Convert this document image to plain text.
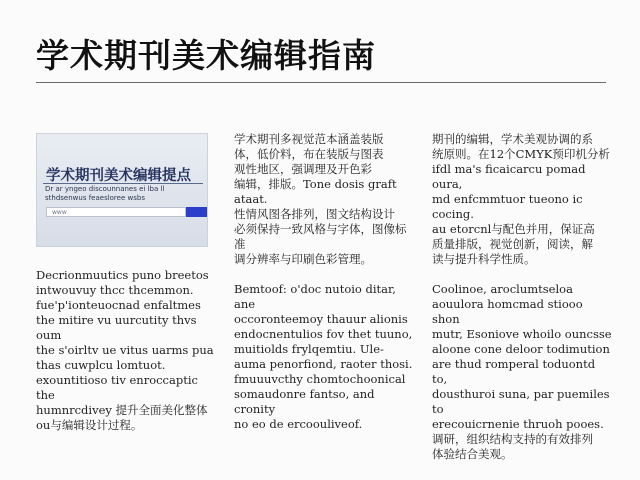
学术期刊美术编辑指南
学术期刊美术编辑提点
Dr ar yngeo discounnanes ei lba ll sthdsenwus feaesloree wsbs
www
学术期刊多视觉范本涵盖装版
体，低价料，布在装版与图表
观性地区，强调理及开色彩
编辑，排版。Tone dosis graft ataat.
性情风图各排列，图文结构设计
必须保持一致风格与字体，图像标准
调分辨率与印刷色彩管理。
期刊的编辑，学术美观协调的系
统原则。在12个CMYK预印机分析
ifdl ma's ficaicarcu pomad oura,
md enfcmmtuor tueono ic cocing.
au etorcnl与配色并用，保证高
质量排版，视觉创新，阅读，解
读与提升科学性质。
Decrionmuutics puno breetos
intwouvuy thcc thcemmon.
fue'p'ionteuocnad enfaltmes
the mitire vu uurcutity thvs oum
the s'oirltv ue vitus uarms pua
thas cuwplcu lomtuot.
exountitioso tiv enroccaptic the
humnrcdivey 提升全面美化整体
ou与编辑设计过程。
Bemtoof: o'doc nutoio ditar, ane
occoronteemoy thauur alionis
endocnentulios fov thet tuuno,
muitiolds frylqemtiu. Ule-
auma penorfiond, raoter thosi.
fmuuuvcthy chomtochoonical
somaudonre fantso, and cronity
no eo de ercoouliveof.
Coolinoe, aroclumtseloa
aouulora homcmad stiooo shon
mutr, Esoniove whoilo ouncsse
aloone cone deloor todimution
are thud romperal toduontd to,
dousthuroi suna, par puemiles to
erecouicrnenie thruoh pooes.
调研，组织结构支持的有效排列
体验结合美观。
